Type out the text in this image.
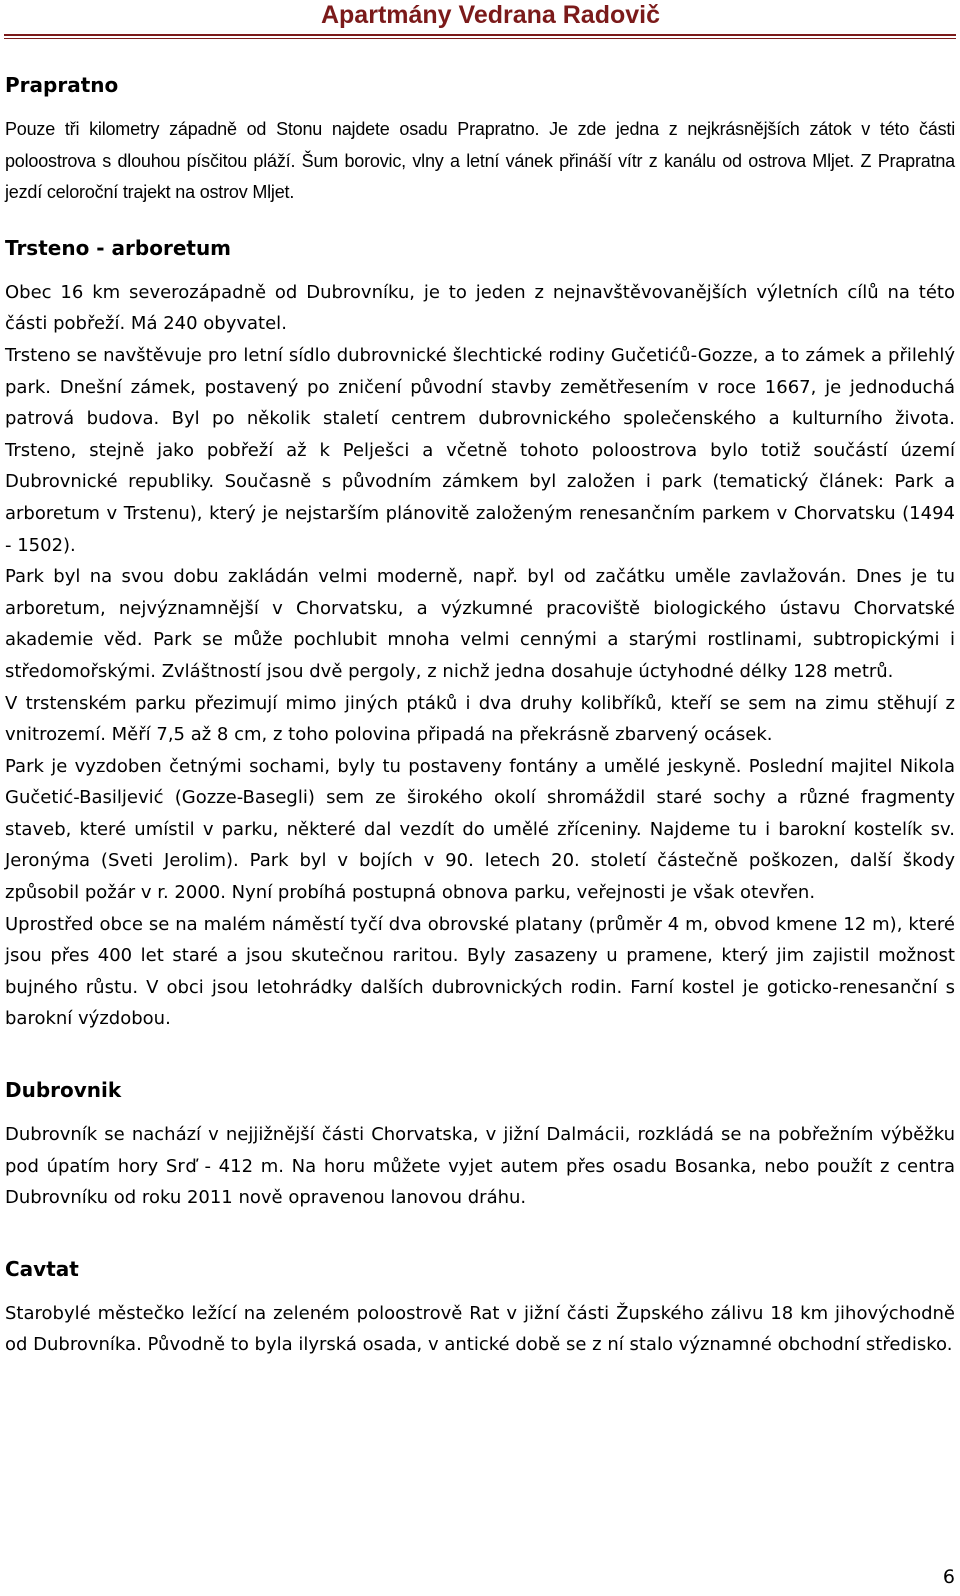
Apartmány Vedrana Radovič
Prapratno

Pouze tři kilometry západně od Stonu najdete osadu Prapratno. Je zde jedna z nejkrásnějších zátok v této části poloostrova s dlouhou písčitou pláží. Šum borovic, vlny a letní vánek přináší vítr z kanálu od ostrova Mljet. Z Prapratna jezdí celoroční trajekt na ostrov Mljet.

Trsteno - arboretum

Obec 16 km severozápadně od Dubrovníku, je to jeden z nejnavštěvovanějších výletních cílů na této části pobřeží. Má 240 obyvatel.

Trsteno se navštěvuje pro letní sídlo dubrovnické šlechtické rodiny Gučetićů-Gozze, a to zámek a přilehlý park. Dnešní zámek, postavený po zničení původní stavby zemětřesením v roce 1667, je jednoduchá patrová budova. Byl po několik staletí centrem dubrovnického společenského a kulturního života. Trsteno, stejně jako pobřeží až k Pelješci a včetně tohoto poloostrova bylo totiž součástí území Dubrovnické republiky. Současně s původním zámkem byl založen i park (tematický článek: Park a arboretum v Trstenu), který je nejstarším plánovitě založeným renesančním parkem v Chorvatsku (1494 - 1502).

Park byl na svou dobu zakládán velmi moderně, např. byl od začátku uměle zavlažován. Dnes je tu arboretum, nejvýznamnější v Chorvatsku, a výzkumné pracoviště biologického ústavu Chorvatské akademie věd. Park se může pochlubit mnoha velmi cennými a starými rostlinami, subtropickými i středomořskými. Zvláštností jsou dvě pergoly, z nichž jedna dosahuje úctyhodné délky 128 metrů.

V trstenském parku přezimují mimo jiných ptáků i dva druhy kolibříků, kteří se sem na zimu stěhují z vnitrozemí. Měří 7,5 až 8 cm, z toho polovina připadá na překrásně zbarvený ocásek.

Park je vyzdoben četnými sochami, byly tu postaveny fontány a umělé jeskyně. Poslední majitel Nikola Gučetić-Basiljević (Gozze-Basegli) sem ze širokého okolí shromáždil staré sochy a různé fragmenty staveb, které umístil v parku, některé dal vezdít do umělé zříceniny. Najdeme tu i barokní kostelík sv. Jeronýma (Sveti Jerolim). Park byl v bojích v 90. letech 20. století částečně poškozen, další škody způsobil požár v r. 2000. Nyní probíhá postupná obnova parku, veřejnosti je však otevřen.

Uprostřed obce se na malém náměstí tyčí dva obrovské platany (průměr 4 m, obvod kmene 12 m), které jsou přes 400 let staré a jsou skutečnou raritou. Byly zasazeny u pramene, který jim zajistil možnost bujného růstu. V obci jsou letohrádky dalších dubrovnických rodin. Farní kostel je goticko-renesanční s barokní výzdobou.

Dubrovnik

Dubrovník se nachází v nejjižnější části Chorvatska, v jižní Dalmácii, rozkládá se na pobřežním výběžku pod úpatím hory Srď - 412 m. Na horu můžete vyjet autem přes osadu Bosanka, nebo použít z centra Dubrovníku od roku 2011 nově opravenou lanovou dráhu.

Cavtat

Starobylé městečko ležící na zeleném poloostrově Rat v jižní části Župského zálivu 18 km jihovýchodně od Dubrovníka. Původně to byla ilyrská osada, v antické době se z ní stalo významné obchodní středisko.

6
